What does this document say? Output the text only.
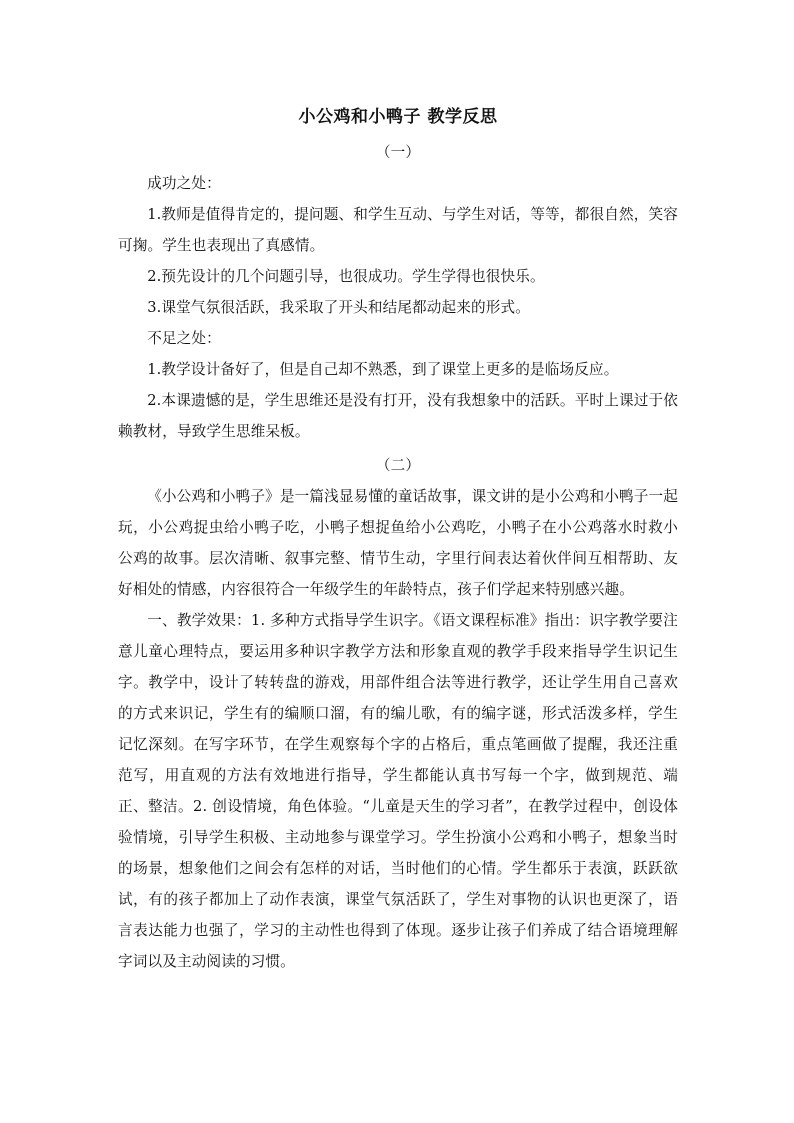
小公鸡和小鸭子 教学反思

（一）

成功之处：

1.教师是值得肯定的，提问题、和学生互动、与学生对话，等等，都很自然，笑容可掬。学生也表现出了真感情。

2.预先设计的几个问题引导，也很成功。学生学得也很快乐。

3.课堂气氛很活跃，我采取了开头和结尾都动起来的形式。

不足之处：

1.教学设计备好了，但是自己却不熟悉，到了课堂上更多的是临场反应。

2.本课遗憾的是，学生思维还是没有打开，没有我想象中的活跃。平时上课过于依赖教材，导致学生思维呆板。

（二）

《小公鸡和小鸭子》是一篇浅显易懂的童话故事，课文讲的是小公鸡和小鸭子一起玩，小公鸡捉虫给小鸭子吃，小鸭子想捉鱼给小公鸡吃，小鸭子在小公鸡落水时救小公鸡的故事。层次清晰、叙事完整、情节生动，字里行间表达着伙伴间互相帮助、友好相处的情感，内容很符合一年级学生的年龄特点，孩子们学起来特别感兴趣。

一、教学效果：1. 多种方式指导学生识字。《语文课程标准》指出：识字教学要注意儿童心理特点，要运用多种识字教学方法和形象直观的教学手段来指导学生识记生字。教学中，设计了转转盘的游戏，用部件组合法等进行教学，还让学生用自己喜欢的方式来识记，学生有的编顺口溜，有的编儿歌，有的编字谜，形式活泼多样，学生记忆深刻。在写字环节，在学生观察每个字的占格后，重点笔画做了提醒，我还注重范写，用直观的方法有效地进行指导，学生都能认真书写每一个字，做到规范、端正、整洁。2. 创设情境，角色体验。“儿童是天生的学习者”，在教学过程中，创设体验情境，引导学生积极、主动地参与课堂学习。学生扮演小公鸡和小鸭子，想象当时的场景，想象他们之间会有怎样的对话，当时他们的心情。学生都乐于表演，跃跃欲试，有的孩子都加上了动作表演，课堂气氛活跃了，学生对事物的认识也更深了，语言表达能力也强了，学习的主动性也得到了体现。逐步让孩子们养成了结合语境理解字词以及主动阅读的习惯。
